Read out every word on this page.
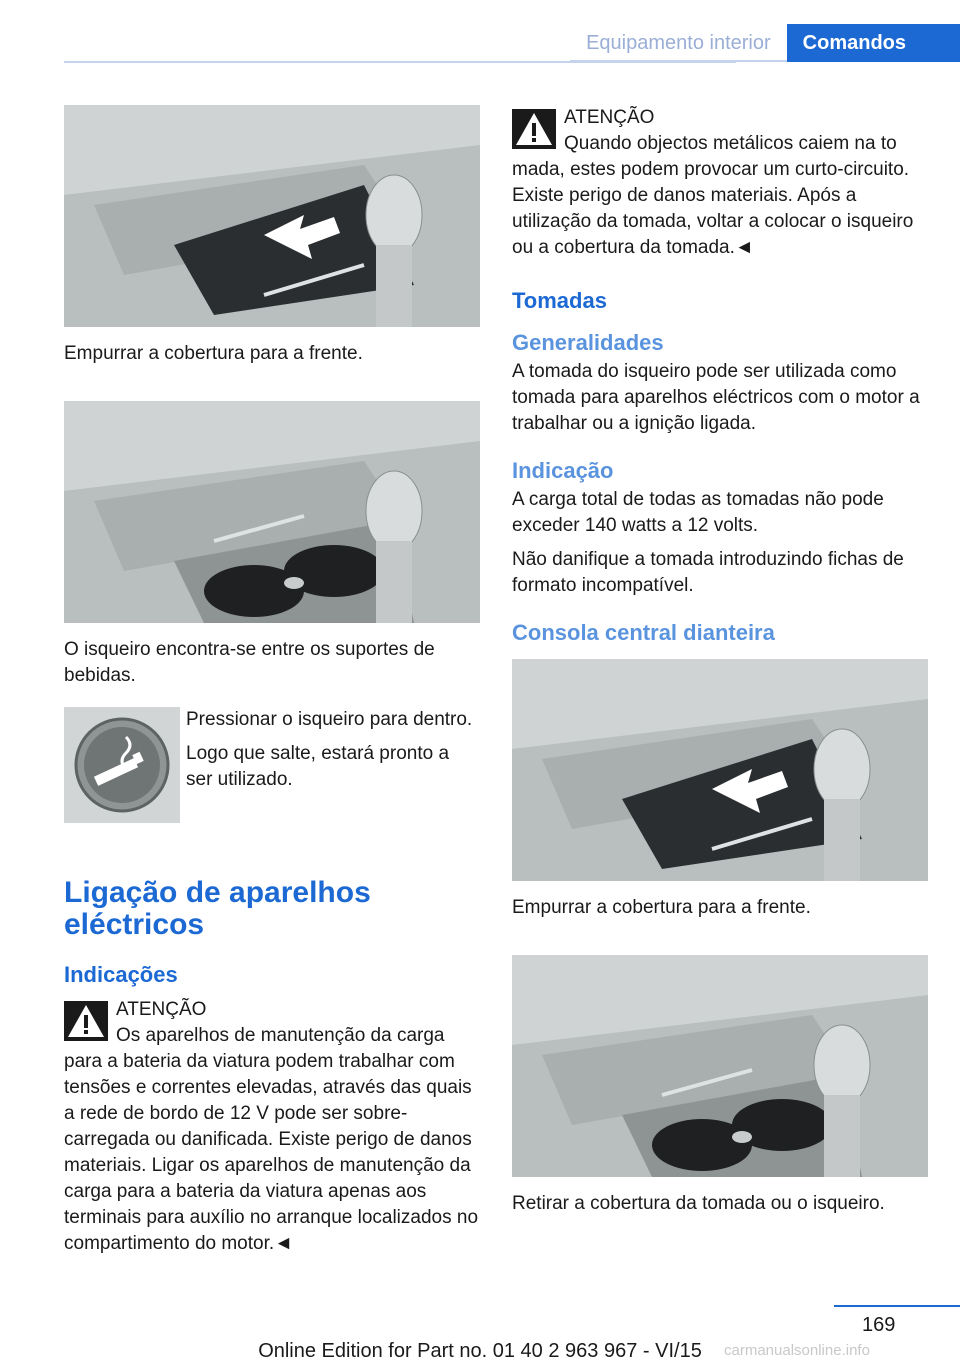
Equipamento interior	Comandos

Empurrar a cobertura para a frente.

O isqueiro encontra-se entre os suportes de bebidas.

Pressionar o isqueiro para dentro.

Logo que salte, estará pronto a ser utilizado.

Ligação de aparelhos eléctricos
Indicações

ATENÇÃO

Os aparelhos de manutenção da carga

para a bateria da viatura podem trabalhar com tensões e correntes elevadas, através das quais a rede de bordo de 12 V pode ser sobrecarregada ou danificada. Existe perigo de danos materiais. Ligar os aparelhos de manutenção da carga para a bateria da viatura apenas aos terminais para auxílio no arranque localizados no compartimento do motor.◄

ATENÇÃO

Quando objectos metálicos caiem na to

mada, estes podem provocar um curto-circuito. Existe perigo de danos materiais. Após a utilização da tomada, voltar a colocar o isqueiro ou a cobertura da tomada.◄

Tomadas
Generalidades

A tomada do isqueiro pode ser utilizada como tomada para aparelhos eléctricos com o motor a trabalhar ou a ignição ligada.

Indicação

A carga total de todas as tomadas não pode exceder 140 watts a 12 volts.

Não danifique a tomada introduzindo fichas de formato incompatível.

Consola central dianteira

Empurrar a cobertura para a frente.

Retirar a cobertura da tomada ou o isqueiro.

169
Online Edition for Part no. 01 40 2 963 967 - VI/15	carmanualsonline.info
